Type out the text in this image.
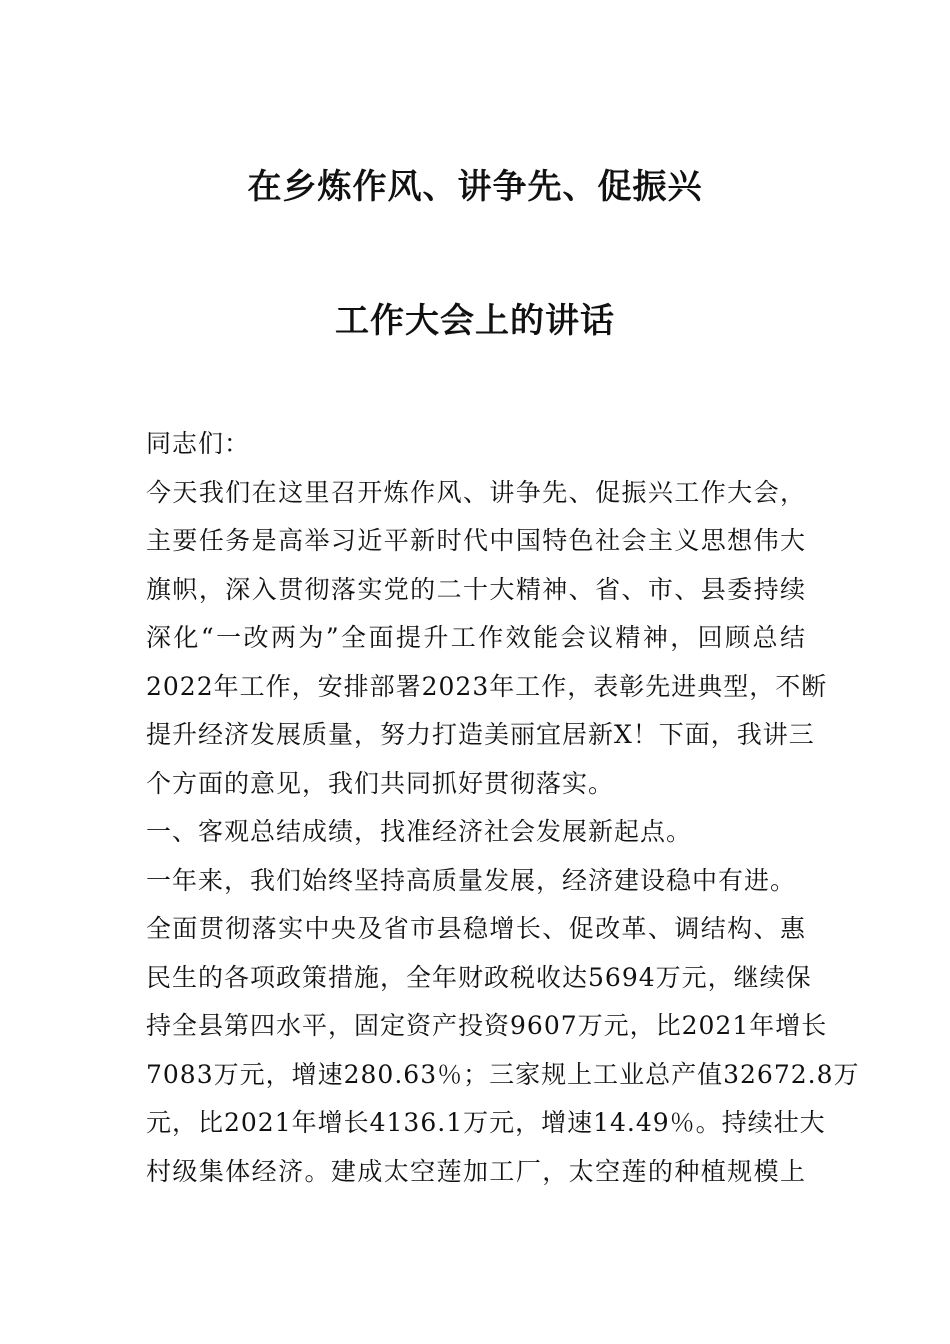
在乡炼作风、讲争先、促振兴
工作大会上的讲话
同志们：
今天我们在这里召开炼作风、讲争先、促振兴工作大会，
主要任务是高举习近平新时代中国特色社会主义思想伟大
旗帜，深入贯彻落实党的二十大精神、省、市、县委持续
深化“一改两为”全面提升工作效能会议精神，回顾总结
2022年工作，安排部署2023年工作，表彰先进典型，不断
提升经济发展质量，努力打造美丽宜居新X！下面，我讲三
个方面的意见，我们共同抓好贯彻落实。
一、客观总结成绩，找准经济社会发展新起点。
一年来，我们始终坚持高质量发展，经济建设稳中有进。
全面贯彻落实中央及省市县稳增长、促改革、调结构、惠
民生的各项政策措施，全年财政税收达5694万元，继续保
持全县第四水平，固定资产投资9607万元，比2021年增长
7083万元，增速280.63％；三家规上工业总产值32672.8万
元，比2021年增长4136.1万元，增速14.49％。持续壮大
村级集体经济。建成太空莲加工厂，太空莲的种植规模上
